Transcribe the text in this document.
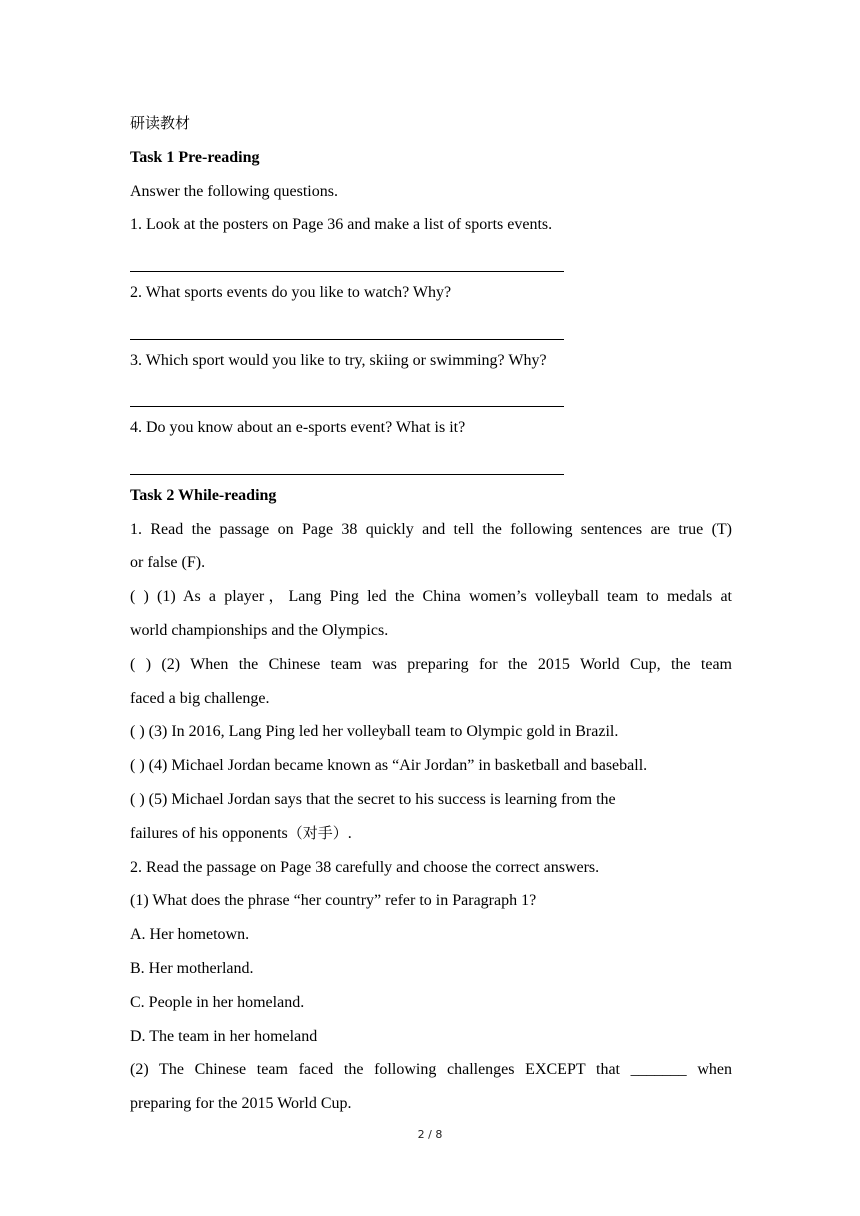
研读教材
Task 1 Pre-reading
Answer the following questions.
1. Look at the posters on Page 36 and make a list of sports events.
2. What sports events do you like to watch? Why?
3. Which sport would you like to try, skiing or swimming? Why?
4. Do you know about an e-sports event? What is it?
Task 2 While-reading
1. Read the passage on Page 38 quickly and tell the following sentences are true (T)
or false (F).
( ) (1) As a player，Lang Ping led the China women’s volleyball team to medals at
world championships and the Olympics.
( ) (2) When the Chinese team was preparing for the 2015 World Cup, the team
faced a big challenge.
( ) (3) In 2016, Lang Ping led her volleyball team to Olympic gold in Brazil.
( ) (4) Michael Jordan became known as “Air Jordan” in basketball and baseball.
( ) (5) Michael Jordan says that the secret to his success is learning from the
failures of his opponents（对手）.
2. Read the passage on Page 38 carefully and choose the correct answers.
(1) What does the phrase “her country” refer to in Paragraph 1?
A. Her hometown.
B. Her motherland.
C. People in her homeland.
D. The team in her homeland
(2) The Chinese team faced the following challenges EXCEPT that _______ when
preparing for the 2015 World Cup.
2 / 8
